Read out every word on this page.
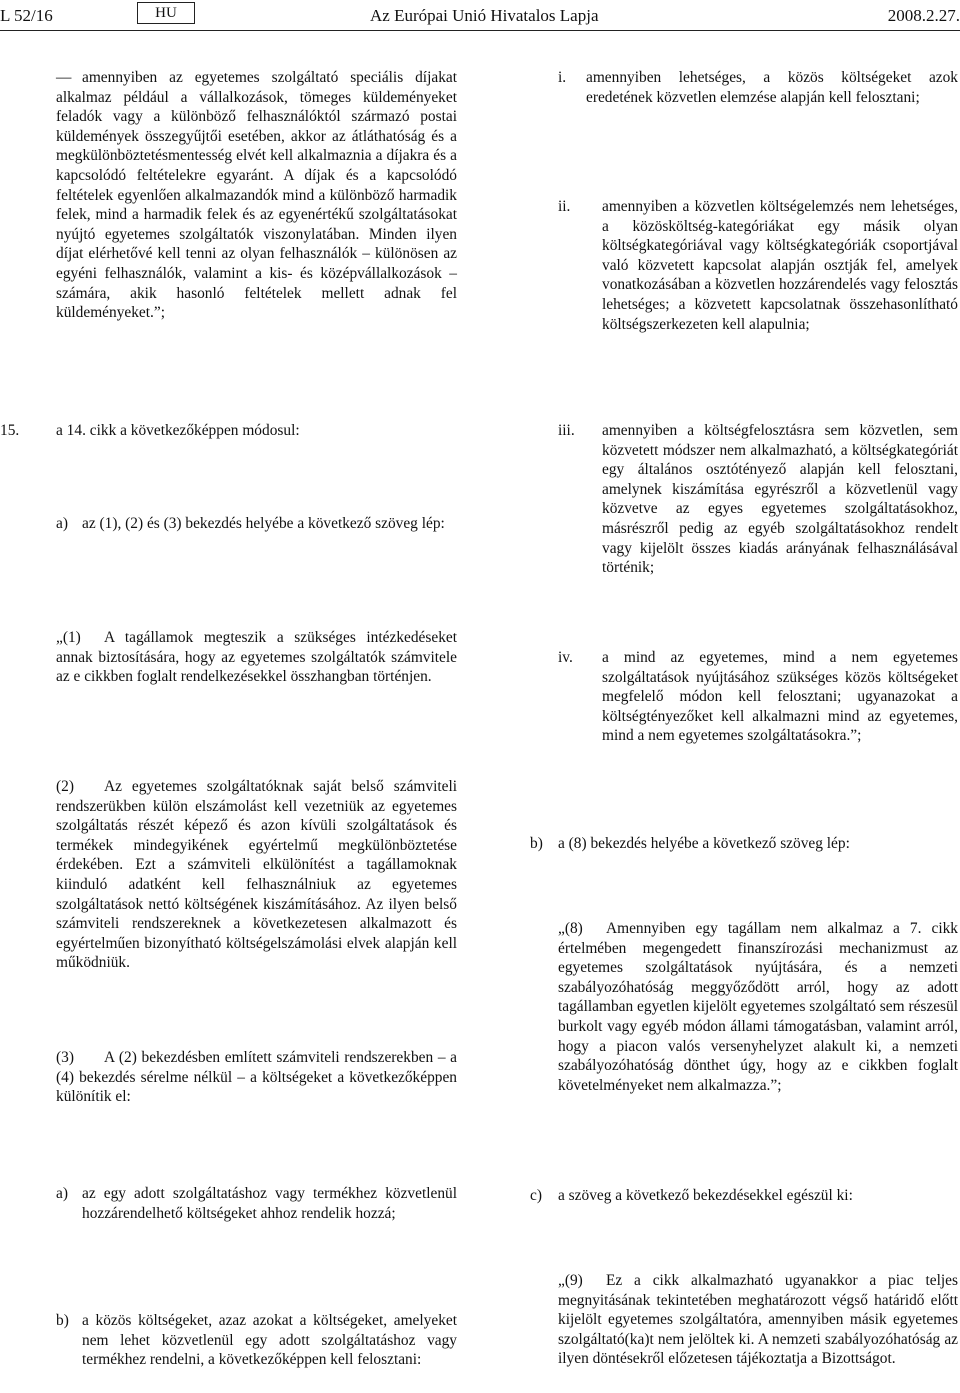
L 52/16	HU	Az Európai Unió Hivatalos Lapja	2008.2.27.

— amennyiben az egyetemes szolgáltató speciális díjakat alkalmaz például a vállalkozások, tömeges küldeményeket feladók vagy a különböző felhasználóktól származó postai küldemények összegyűjtői esetében, akkor az átláthatóság és a megkülönböztetésmentesség elvét kell alkalmaznia a díjakra és a kapcsolódó feltételekre egyaránt. A díjak és a kapcsolódó feltételek egyenlően alkalmazandók mind a különböző harmadik felek, mind a harmadik felek és az egyenértékű szolgáltatásokat nyújtó egyetemes szolgáltatók viszonylatában. Minden ilyen díjat elérhetővé kell tenni az olyan felhasználók – különösen az egyéni felhasználók, valamint a kis- és középvállalkozások – számára, akik hasonló feltételek mellett adnak fel küldeményeket.”;

i.	amennyiben lehetséges, a közös költségeket azok eredetének közvetlen elemzése alapján kell felosztani;
ii.	amennyiben a közvetlen költségelemzés nem lehetséges, a közösköltség-kategóriákat egy másik olyan költségkategóriával vagy költségkategóriák csoportjával való közvetett kapcsolat alapján osztják fel, amelyek vonatkozásában a közvetlen hozzárendelés vagy felosztás lehetséges; a közvetett kapcsolatnak összehasonlítható költségszerkezeten kell alapulnia;
15.	a 14. cikk a következőképpen módosul:
a) az (1), (2) és (3) bekezdés helyébe a következő szöveg lép:

„(1) A tagállamok megteszik a szükséges intézkedéseket annak biztosítására, hogy az egyetemes szolgáltatók számvitele az e cikkben foglalt rendelkezésekkel összhangban történjen.

(2) Az egyetemes szolgáltatóknak saját belső számviteli rendszerükben külön elszámolást kell vezetniük az egyetemes szolgáltatás részét képező és azon kívüli szolgáltatások és termékek mindegyikének egyértelmű megkülönböztetése érdekében. Ezt a számviteli elkülönítést a tagállamoknak kiinduló adatként kell felhasználniuk az egyetemes szolgáltatások nettó költségének kiszámításához. Az ilyen belső számviteli rendszereknek a következetesen alkalmazott és egyértelműen bizonyítható költségelszámolási elvek alapján kell működniük.

(3) A (2) bekezdésben említett számviteli rendszerekben – a (4) bekezdés sérelme nélkül – a költségeket a következőképpen különítik el:

a) az egy adott szolgáltatáshoz vagy termékhez közvetlenül hozzárendelhető költségeket ahhoz rendelik hozzá;
b) a közös költségeket, azaz azokat a költségeket, amelyeket nem lehet közvetlenül egy adott szolgáltatáshoz vagy termékhez rendelni, a következőképpen kell felosztani:
iii.	amennyiben a költségfelosztásra sem közvetlen, sem közvetett módszer nem alkalmazható, a költségkategóriát egy általános osztótényező alapján kell felosztani, amelynek kiszámítása egyrészről a közvetlenül vagy közvetve az egyes egyetemes szolgáltatásokhoz, másrészről pedig az egyéb szolgáltatásokhoz rendelt vagy kijelölt összes kiadás arányának felhasználásával történik;
iv.	a mind az egyetemes, mind a nem egyetemes szolgáltatások nyújtásához szükséges közös költségeket megfelelő módon kell felosztani; ugyanazokat a költségtényezőket kell alkalmazni mind az egyetemes, mind a nem egyetemes szolgáltatásokra.”;
b) a (8) bekezdés helyébe a következő szöveg lép:

„(8) Amennyiben egy tagállam nem alkalmaz a 7. cikk értelmében megengedett finanszírozási mechanizmust az egyetemes szolgáltatások nyújtására, és a nemzeti szabályozóhatóság meggyőződött arról, hogy az adott tagállamban egyetlen kijelölt egyetemes szolgáltató sem részesül burkolt vagy egyéb módon állami támogatásban, valamint arról, hogy a piacon valós versenyhelyzet alakult ki, a nemzeti szabályozóhatóság dönthet úgy, hogy az e cikkben foglalt követelményeket nem alkalmazza.”;

c)	a szöveg a következő bekezdésekkel egészül ki:

„(9) Ez a cikk alkalmazható ugyanakkor a piac teljes megnyitásának tekintetében meghatározott végső határidő előtt kijelölt egyetemes szolgáltatóra, amennyiben másik egyetemes szolgáltató(ka)t nem jelöltek ki. A nemzeti szabályozóhatóság az ilyen döntésekről előzetesen tájékoztatja a Bizottságot.
